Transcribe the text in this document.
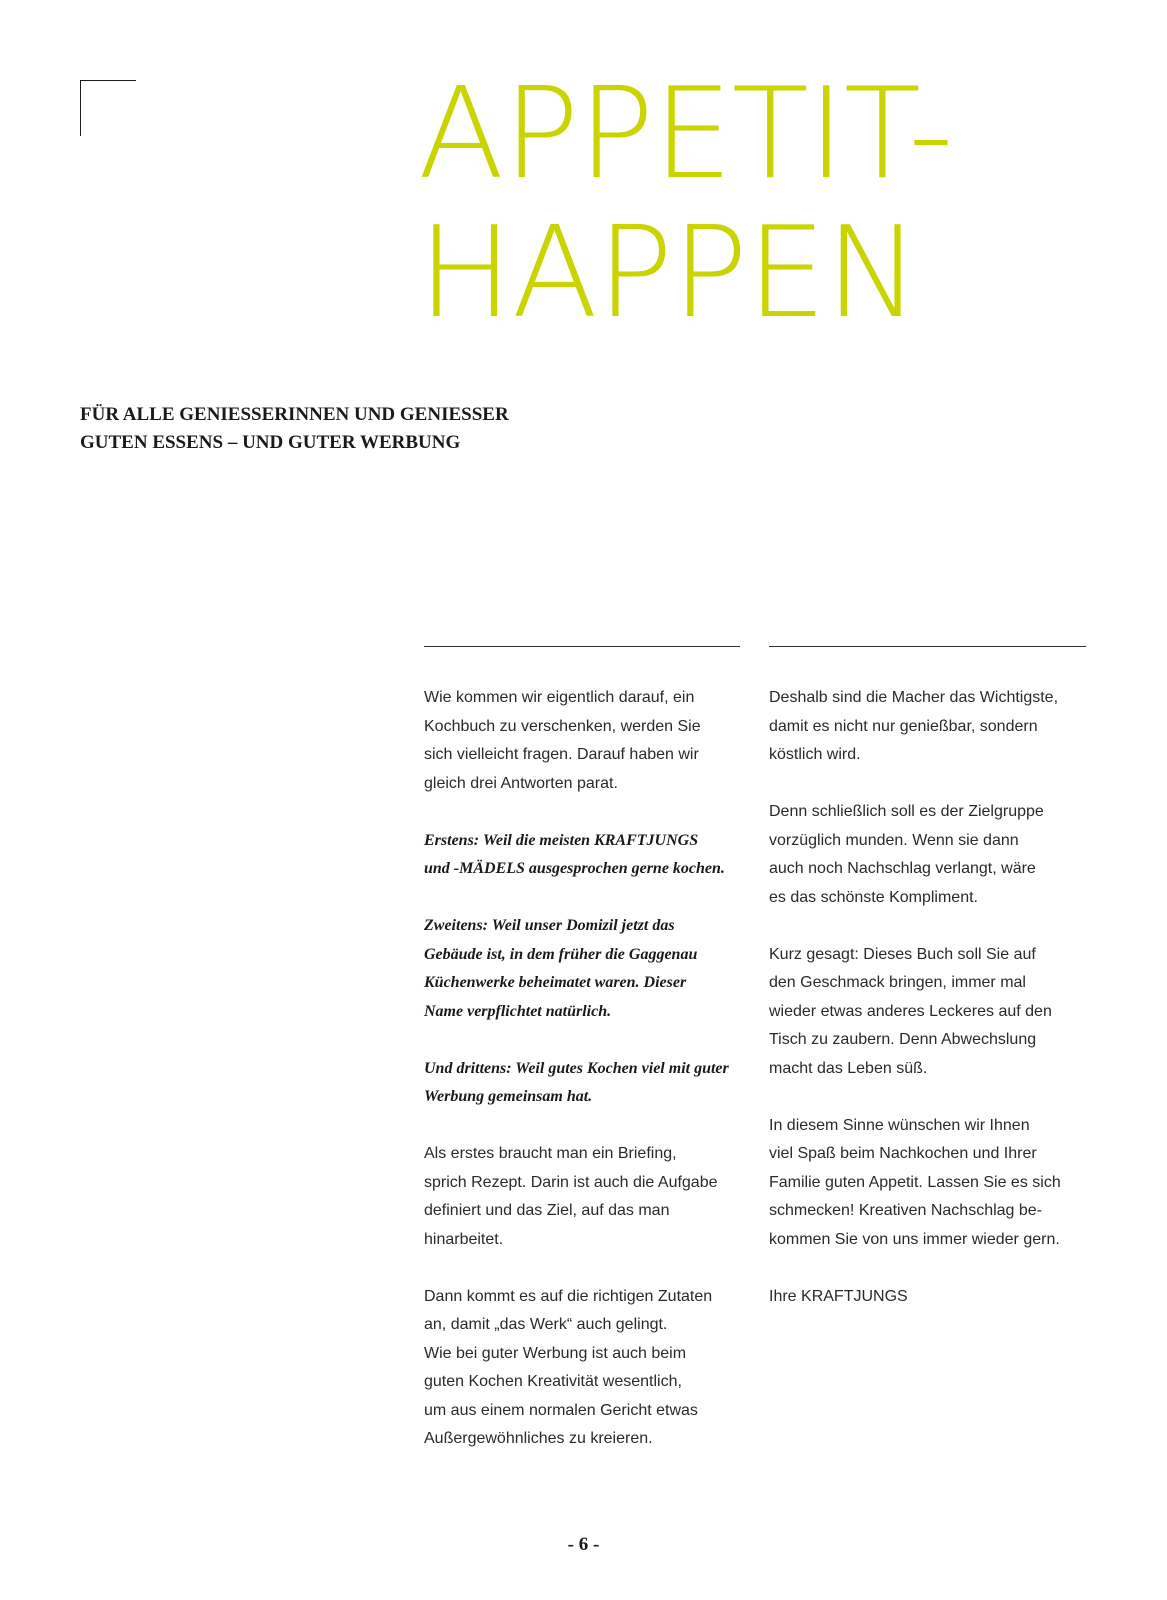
APPETIT-
HAPPEN
FÜR ALLE GENIESSERINNEN UND GENIESSER
GUTEN ESSENS – UND GUTER WERBUNG

Wie kommen wir eigentlich darauf, ein
Kochbuch zu verschenken, werden Sie
sich vielleicht fragen. Darauf haben wir
gleich drei Antworten parat.

Erstens: Weil die meisten KRAFTJUNGS
und -MÄDELS ausgesprochen gerne kochen.

Zweitens: Weil unser Domizil jetzt das
Gebäude ist, in dem früher die Gaggenau
Küchenwerke beheimatet waren. Dieser
Name verpflichtet natürlich.

Und drittens: Weil gutes Kochen viel mit guter
Werbung gemeinsam hat.

Als erstes braucht man ein Briefing,
sprich Rezept. Darin ist auch die Aufgabe
definiert und das Ziel, auf das man
hinarbeitet.

Dann kommt es auf die richtigen Zutaten
an, damit „das Werk“ auch gelingt.
Wie bei guter Werbung ist auch beim
guten Kochen Kreativität wesentlich,
um aus einem normalen Gericht etwas
Außergewöhnliches zu kreieren.

Deshalb sind die Macher das Wichtigste,
damit es nicht nur genießbar, sondern
köstlich wird.

Denn schließlich soll es der Zielgruppe
vorzüglich munden. Wenn sie dann
auch noch Nachschlag verlangt, wäre
es das schönste Kompliment.

Kurz gesagt: Dieses Buch soll Sie auf
den Geschmack bringen, immer mal
wieder etwas anderes Leckeres auf den
Tisch zu zaubern. Denn Abwechslung
macht das Leben süß.

In diesem Sinne wünschen wir Ihnen
viel Spaß beim Nachkochen und Ihrer
Familie guten Appetit. Lassen Sie es sich
schmecken! Kreativen Nachschlag be-
kommen Sie von uns immer wieder gern.

Ihre KRAFTJUNGS

- 6 -
